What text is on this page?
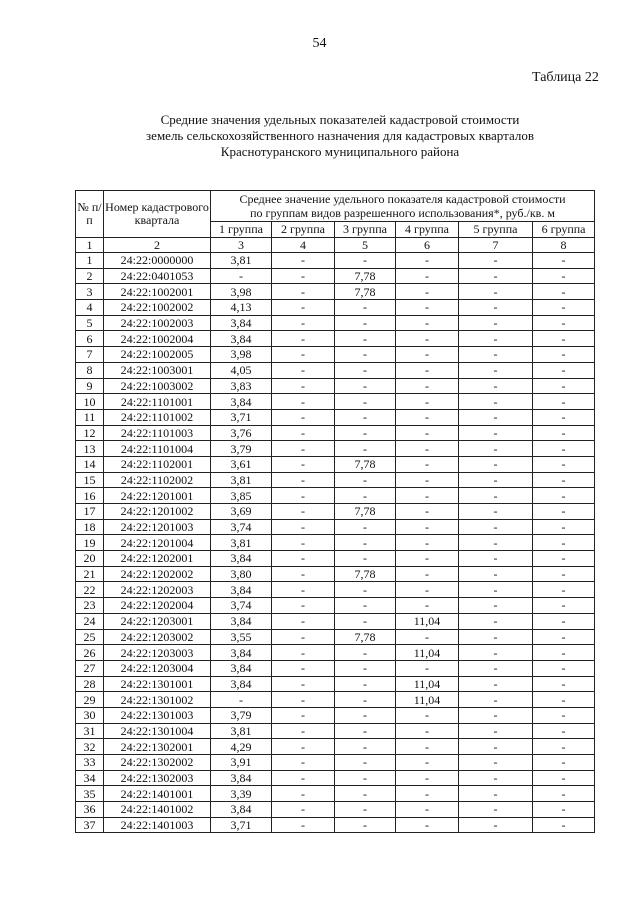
54
Таблица 22
Средние значения удельных показателей кадастровой стоимости
земель сельскохозяйственного назначения для кадастровых кварталов
Краснотуранского муниципального района
№ п/п	Номер кадастрового квартала	Среднее значение удельного показателя кадастровой стоимости
по группам видов разрешенного использования*, руб./кв. м					

		1 группа	2 группа	3 группа	4 группа	5 группа	6 группа
1	2	3	4	5	6	7	8
1	24:22:0000000	3,81	-	-	-	-	-
2	24:22:0401053	-	-	7,78	-	-	-
3	24:22:1002001	3,98	-	7,78	-	-	-
4	24:22:1002002	4,13	-	-	-	-	-
5	24:22:1002003	3,84	-	-	-	-	-
6	24:22:1002004	3,84	-	-	-	-	-
7	24:22:1002005	3,98	-	-	-	-	-
8	24:22:1003001	4,05	-	-	-	-	-
9	24:22:1003002	3,83	-	-	-	-	-
10	24:22:1101001	3,84	-	-	-	-	-
11	24:22:1101002	3,71	-	-	-	-	-
12	24:22:1101003	3,76	-	-	-	-	-
13	24:22:1101004	3,79	-	-	-	-	-
14	24:22:1102001	3,61	-	7,78	-	-	-
15	24:22:1102002	3,81	-	-	-	-	-
16	24:22:1201001	3,85	-	-	-	-	-
17	24:22:1201002	3,69	-	7,78	-	-	-
18	24:22:1201003	3,74	-	-	-	-	-
19	24:22:1201004	3,81	-	-	-	-	-
20	24:22:1202001	3,84	-	-	-	-	-
21	24:22:1202002	3,80	-	7,78	-	-	-
22	24:22:1202003	3,84	-	-	-	-	-
23	24:22:1202004	3,74	-	-	-	-	-
24	24:22:1203001	3,84	-	-	11,04	-	-
25	24:22:1203002	3,55	-	7,78	-	-	-
26	24:22:1203003	3,84	-	-	11,04	-	-
27	24:22:1203004	3,84	-	-	-	-	-
28	24:22:1301001	3,84	-	-	11,04	-	-
29	24:22:1301002	-	-	-	11,04	-	-
30	24:22:1301003	3,79	-	-	-	-	-
31	24:22:1301004	3,81	-	-	-	-	-
32	24:22:1302001	4,29	-	-	-	-	-
33	24:22:1302002	3,91	-	-	-	-	-
34	24:22:1302003	3,84	-	-	-	-	-
35	24:22:1401001	3,39	-	-	-	-	-
36	24:22:1401002	3,84	-	-	-	-	-
37	24:22:1401003	3,71	-	-	-	-	-
